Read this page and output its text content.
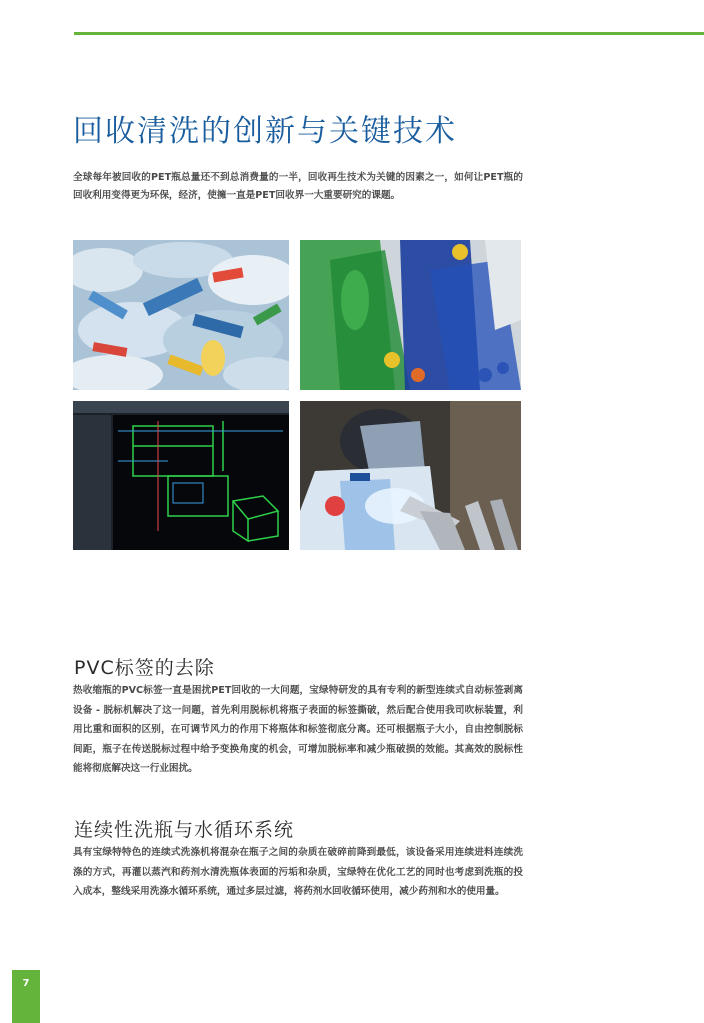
回收清洗的创新与关键技术

全球每年被回收的PET瓶总量还不到总消费量的一半，回收再生技术为关键的因素之一，如何让PET瓶的回收利用变得更为环保，经济，使擁一直是PET回收界一大重要研究的课题。

PVC标签的去除

热收缩瓶的PVC标签一直是困扰PET回收的一大问题，宝绿特研发的具有专利的新型连续式自动标签剥离设备 - 脱标机解决了这一问题，首先利用脱标机将瓶子表面的标签撕破，然后配合使用我司吹标装置，利用比重和面积的区别，在可调节风力的作用下将瓶体和标签彻底分离。还可根据瓶子大小，自由控制脱标间距，瓶子在传送脱标过程中给予变换角度的机会，可增加脱标率和减少瓶破损的效能。其高效的脱标性能将彻底解决这一行业困扰。

连续性洗瓶与水循环系统

具有宝绿特特色的连续式洗涤机将混杂在瓶子之间的杂质在破碎前降到最低，该设备采用连续进料连续洗涤的方式，再灌以蒸汽和药剂水清洗瓶体表面的污垢和杂质，宝绿特在优化工艺的同时也考虑到洗瓶的投入成本，整线采用洗涤水循环系统，通过多层过滤，将药剂水回收循环使用，减少药剂和水的使用量。

7
